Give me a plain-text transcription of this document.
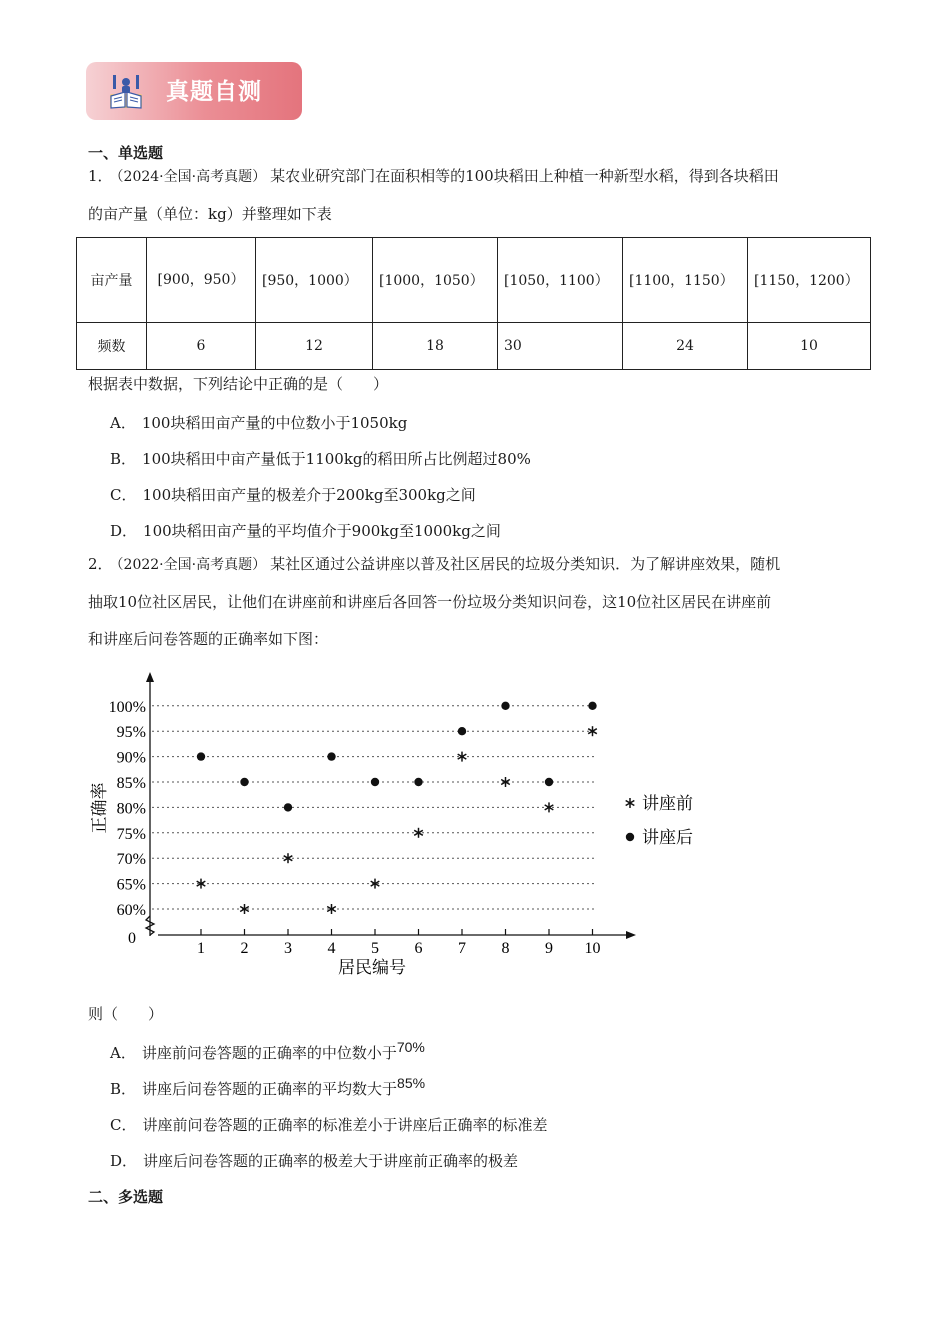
真题自测
一、单选题
1． （2024·全国·高考真题） 某农业研究部门在面积相等的100块稻田上种植一种新型水稻，得到各块稻田
的亩产量（单位：kg）并整理如下表
亩产量	[900，950）	[950，1000）	[1000，1050）	[1050，1100）	[1100，1150）	[1150，1200）
频数	6	12	18	30	24	10
根据表中数据，下列结论中正确的是（　　）
A． 100块稻田亩产量的中位数小于1050kg
B． 100块稻田中亩产量低于1100kg的稻田所占比例超过80%
C． 100块稻田亩产量的极差介于200kg至300kg之间
D． 100块稻田亩产量的平均值介于900kg至1000kg之间
2． （2022·全国·高考真题） 某社区通过公益讲座以普及社区居民的垃圾分类知识．为了解讲座效果，随机
抽取10位社区居民，让他们在讲座前和讲座后各回答一份垃圾分类知识问卷，这10位社区居民在讲座前
和讲座后问卷答题的正确率如下图：
0
60%
65%
70%
75%
80%
85%
90%
95%
100%
1 2 3 4 5 6 7 8 9 10
居民编号
正确率	讲座前
讲座后
则（　　）
A． 讲座前问卷答题的正确率的中位数小于70%
B． 讲座后问卷答题的正确率的平均数大于85%
C． 讲座前问卷答题的正确率的标准差小于讲座后正确率的标准差
D． 讲座后问卷答题的正确率的极差大于讲座前正确率的极差
二、多选题
